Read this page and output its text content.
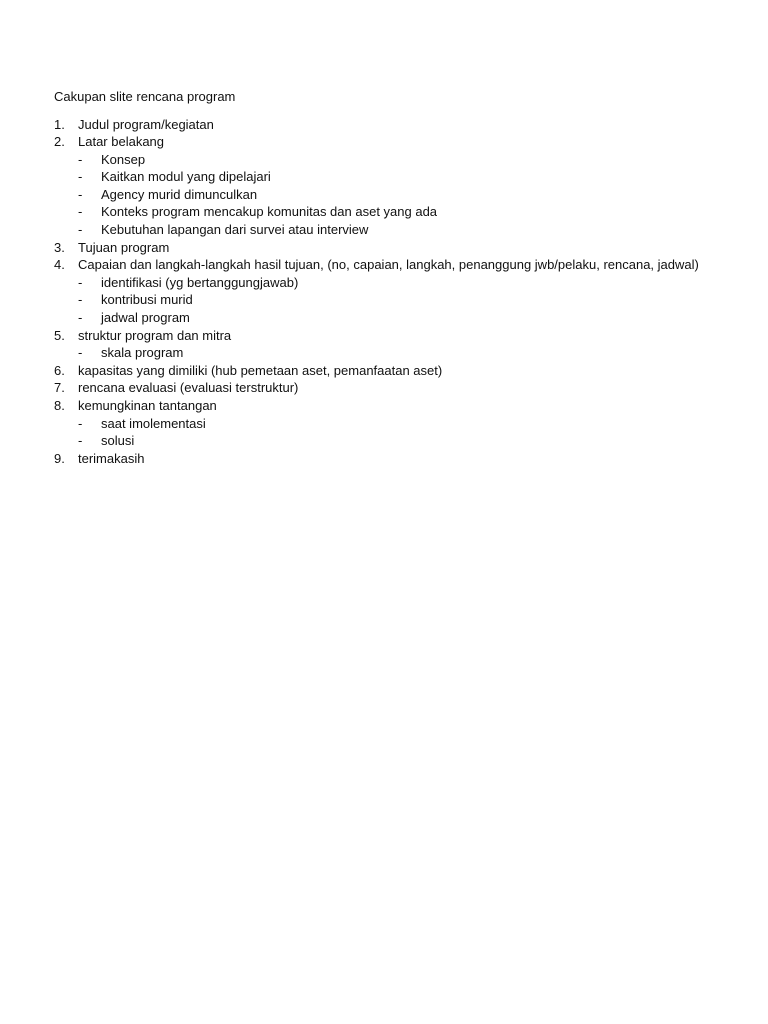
Cakupan slite rencana program
1. Judul program/kegiatan
2. Latar belakang
- Konsep
- Kaitkan modul yang dipelajari
- Agency murid dimunculkan
- Konteks program mencakup komunitas dan aset yang ada
- Kebutuhan lapangan dari survei atau interview
3. Tujuan program
4. Capaian dan langkah-langkah hasil tujuan, (no, capaian, langkah, penanggung jwb/pelaku, rencana, jadwal)
- identifikasi (yg bertanggungjawab)
- kontribusi murid
- jadwal program
5. struktur program dan mitra
- skala program
6. kapasitas yang dimiliki (hub pemetaan aset, pemanfaatan aset)
7. rencana evaluasi (evaluasi terstruktur)
8. kemungkinan tantangan
- saat imolementasi
- solusi
9. terimakasih
